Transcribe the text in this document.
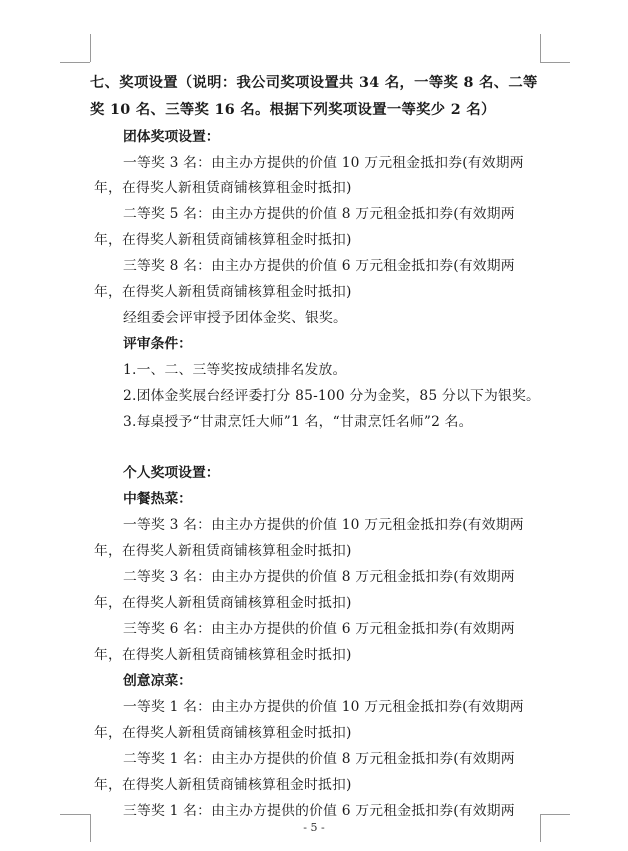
七、奖项设置（说明：我公司奖项设置共 34 名，一等奖 8 名、二等
奖 10 名、三等奖 16 名。根据下列奖项设置一等奖少 2 名）
团体奖项设置：
一等奖 3 名：由主办方提供的价值 10 万元租金抵扣券(有效期两
年，在得奖人新租赁商铺核算租金时抵扣)
二等奖 5 名：由主办方提供的价值 8 万元租金抵扣券(有效期两
年，在得奖人新租赁商铺核算租金时抵扣)
三等奖 8 名：由主办方提供的价值 6 万元租金抵扣券(有效期两
年，在得奖人新租赁商铺核算租金时抵扣)
经组委会评审授予团体金奖、银奖。
评审条件：
1.一、二、三等奖按成绩排名发放。
2.团体金奖展台经评委打分 85-100 分为金奖，85 分以下为银奖。
3.每桌授予“甘肃烹饪大师”1 名，“甘肃烹饪名师”2 名。
个人奖项设置：
中餐热菜：
一等奖 3 名：由主办方提供的价值 10 万元租金抵扣券(有效期两
年，在得奖人新租赁商铺核算租金时抵扣)
二等奖 3 名：由主办方提供的价值 8 万元租金抵扣券(有效期两
年，在得奖人新租赁商铺核算租金时抵扣)
三等奖 6 名：由主办方提供的价值 6 万元租金抵扣券(有效期两
年，在得奖人新租赁商铺核算租金时抵扣)
创意凉菜：
一等奖 1 名：由主办方提供的价值 10 万元租金抵扣券(有效期两
年，在得奖人新租赁商铺核算租金时抵扣)
二等奖 1 名：由主办方提供的价值 8 万元租金抵扣券(有效期两
年，在得奖人新租赁商铺核算租金时抵扣)
三等奖 1 名：由主办方提供的价值 6 万元租金抵扣券(有效期两
- 5 -
